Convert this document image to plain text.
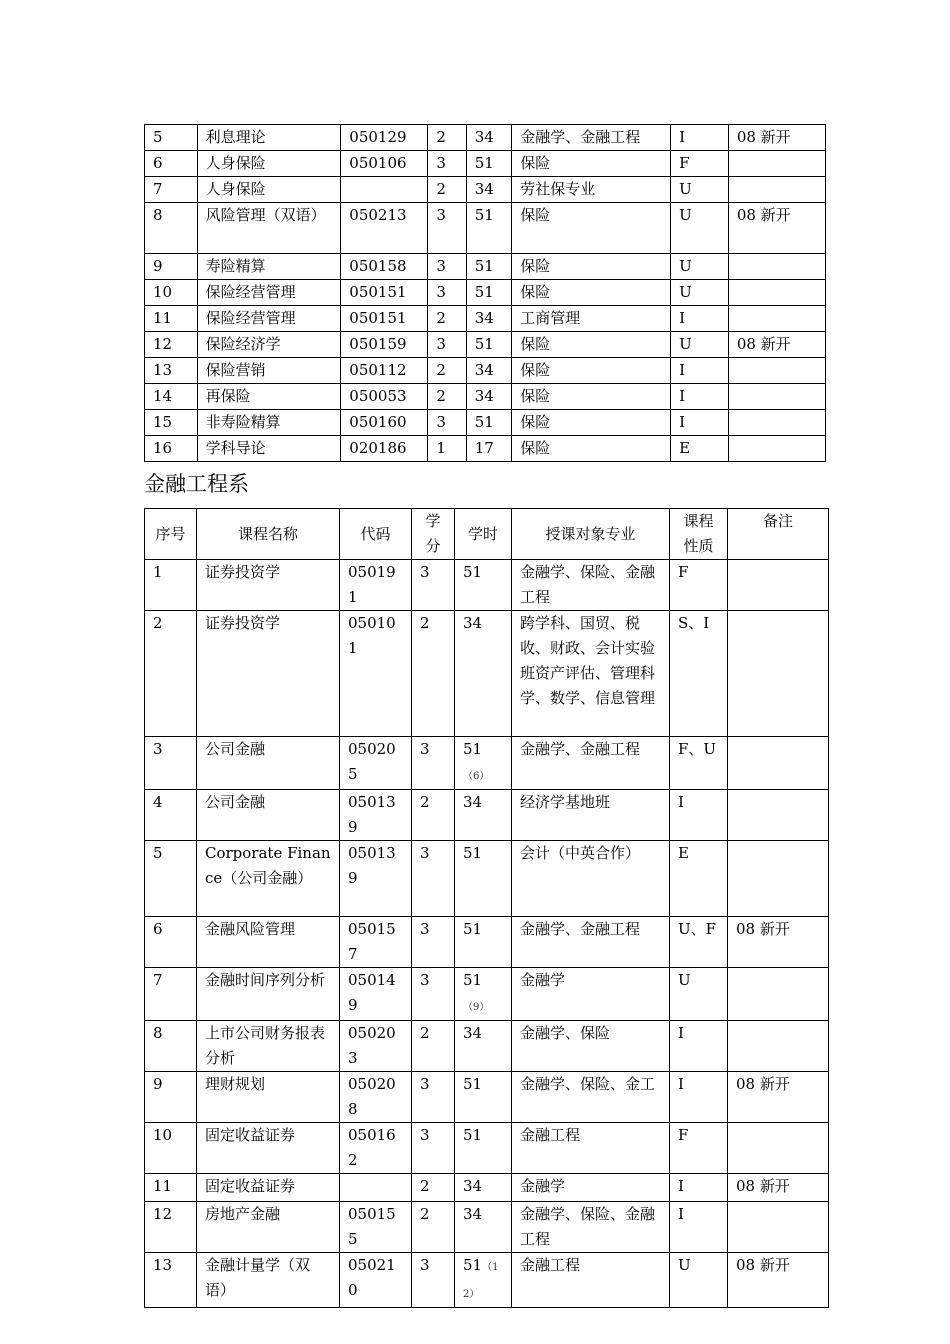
5	利息理论	050129	2	34	金融学、金融工程	I	08 新开
6	人身保险	050106	3	51	保险	F	
7	人身保险		2	34	劳社保专业	U	
8	风险管理（双语）	050213	3	51	保险	U	08 新开
9	寿险精算	050158	3	51	保险	U	
10	保险经营管理	050151	3	51	保险	U	
11	保险经营管理	050151	2	34	工商管理	I	
12	保险经济学	050159	3	51	保险	U	08 新开
13	保险营销	050112	2	34	保险	I	
14	再保险	050053	2	34	保险	I	
15	非寿险精算	050160	3	51	保险	I	
16	学科导论	020186	1	17	保险	E	
金融工程系
序号	课程名称	代码	学分	学时	授课对象专业	课程性质	备注
1	证券投资学	050191	3	51	金融学、保险、金融工程	F	
2	证券投资学	050101	2	34	跨学科、国贸、税收、财政、会计实验班资产评估、管理科学、数学、信息管理	S、I	
3	公司金融	050205	3	51（6）	金融学、金融工程	F、U	
4	公司金融	050139	2	34	经济学基地班	I	
5	Corporate Finance（公司金融）	050139	3	51	会计（中英合作）	E	
6	金融风险管理	050157	3	51	金融学、金融工程	U、F	08 新开
7	金融时间序列分析	050149	3	51（9）	金融学	U	
8	上市公司财务报表分析	050203	2	34	金融学、保险	I	
9	理财规划	050208	3	51	金融学、保险、金工	I	08 新开
10	固定收益证券	050162	3	51	金融工程	F	
11	固定收益证券		2	34	金融学	I	08 新开
12	房地产金融	050155	2	34	金融学、保险、金融工程	I	
13	金融计量学（双语）	050210	3	51（12）	金融工程	U	08 新开
